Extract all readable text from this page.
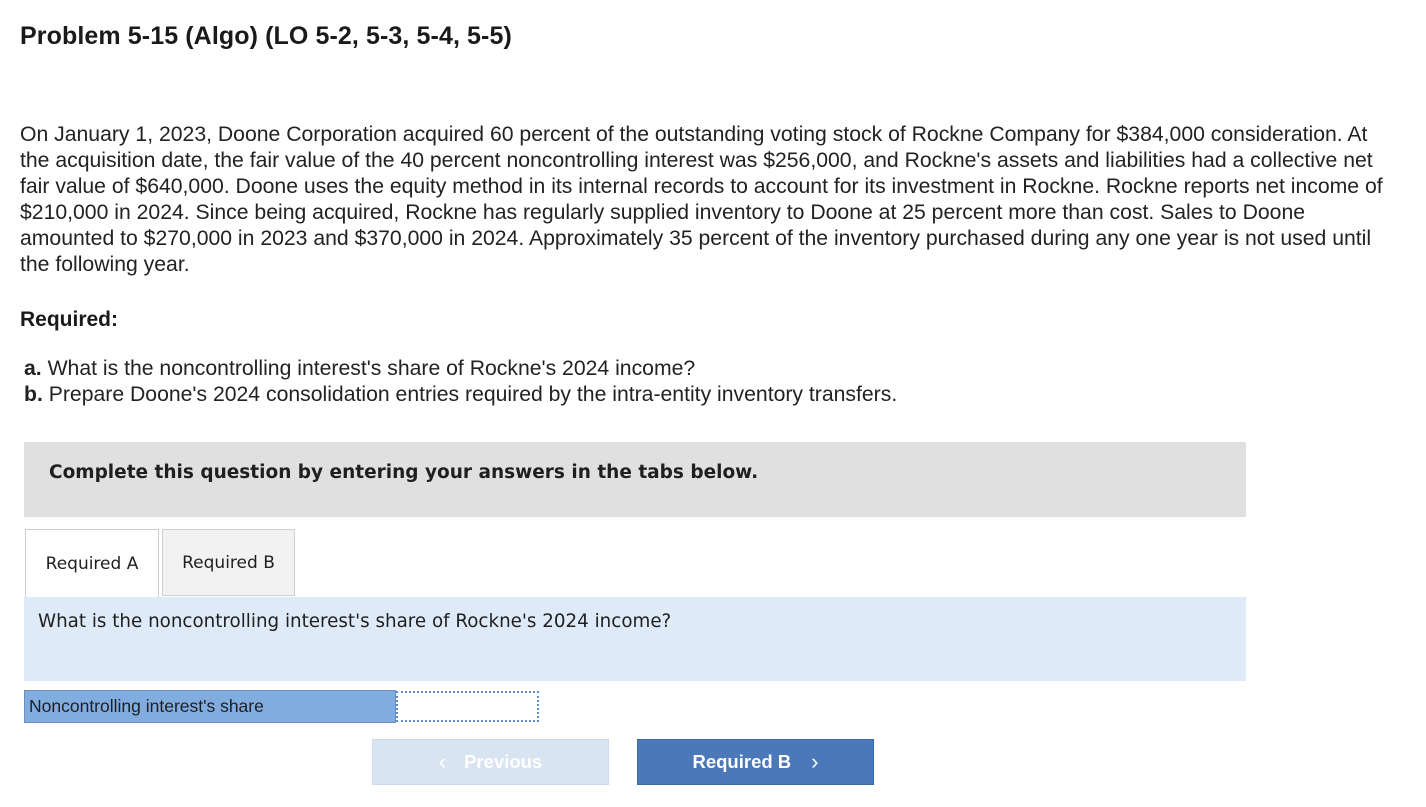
Problem 5-15 (Algo) (LO 5-2, 5-3, 5-4, 5-5)
On January 1, 2023, Doone Corporation acquired 60 percent of the outstanding voting stock of Rockne Company for $384,000 consideration. At the acquisition date, the fair value of the 40 percent noncontrolling interest was $256,000, and Rockne's assets and liabilities had a collective net fair value of $640,000. Doone uses the equity method in its internal records to account for its investment in Rockne. Rockne reports net income of $210,000 in 2024. Since being acquired, Rockne has regularly supplied inventory to Doone at 25 percent more than cost. Sales to Doone amounted to $270,000 in 2023 and $370,000 in 2024. Approximately 35 percent of the inventory purchased during any one year is not used until the following year.
Required:
a. What is the noncontrolling interest's share of Rockne's 2024 income?
b. Prepare Doone's 2024 consolidation entries required by the intra-entity inventory transfers.
Complete this question by entering your answers in the tabs below.
Required A	Required B
What is the noncontrolling interest's share of Rockne's 2024 income?
Noncontrolling interest's share
‹ Previous	Required B ›
